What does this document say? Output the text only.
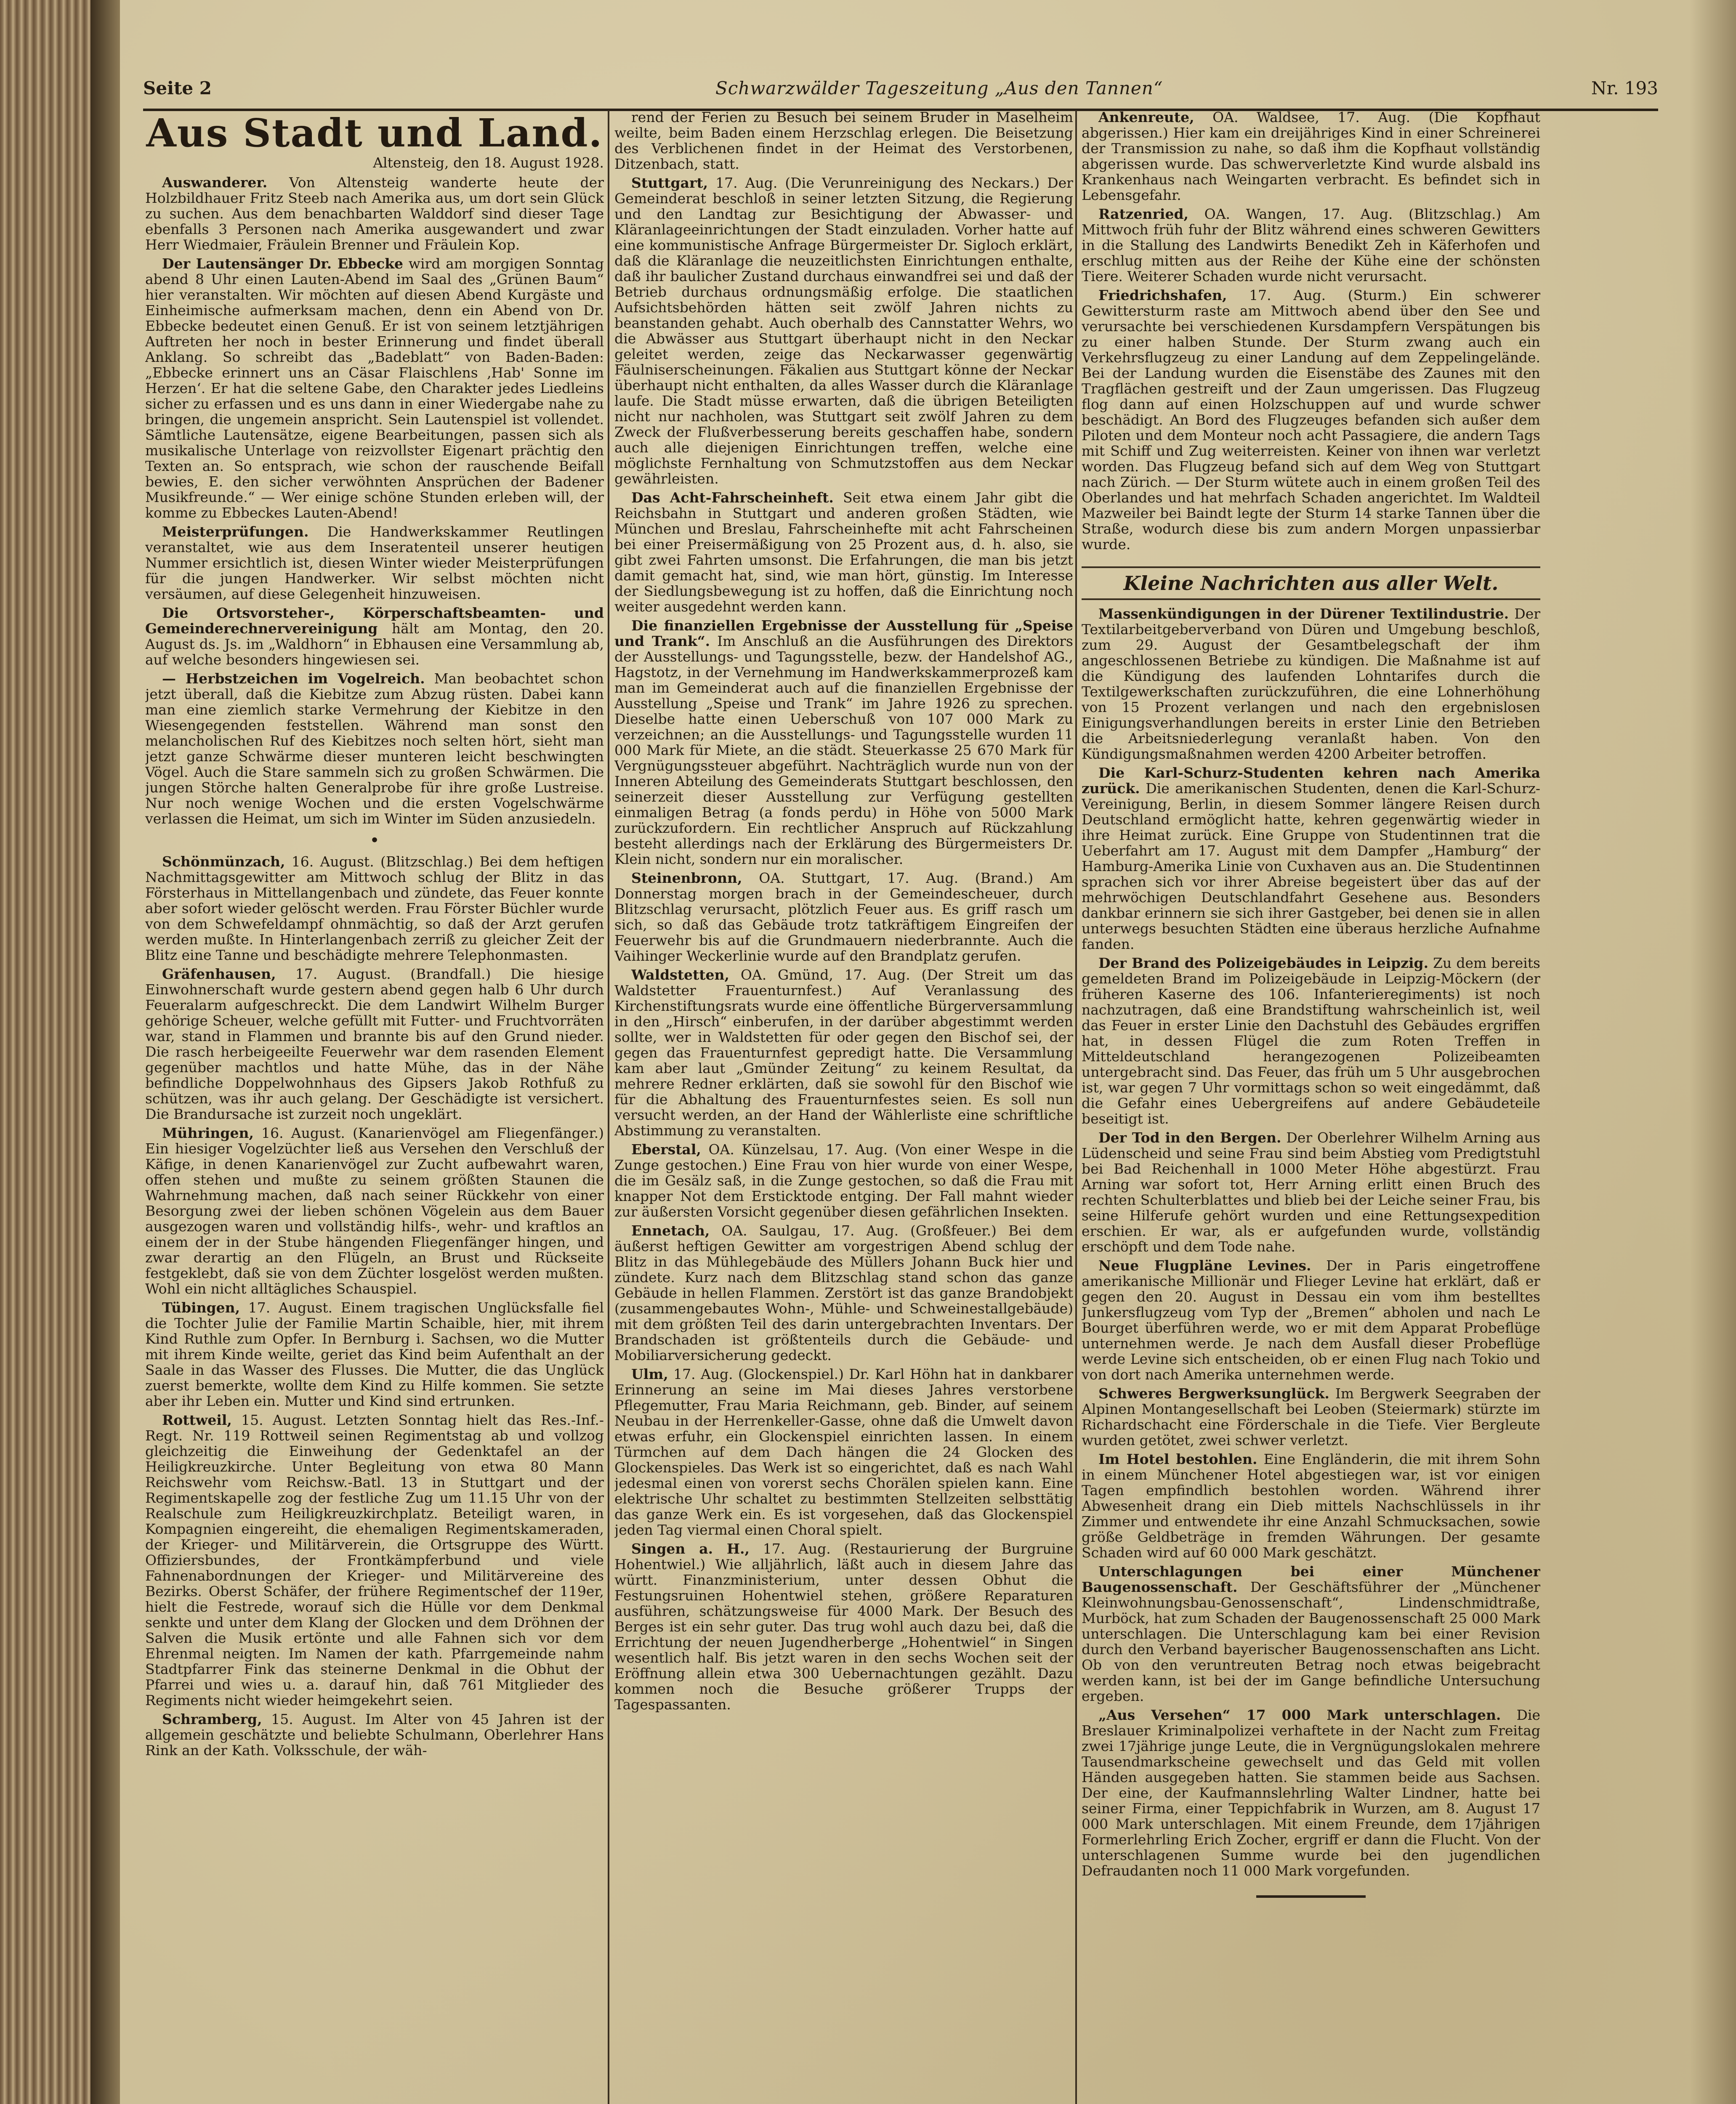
Seite 2	Schwarzwälder Tageszeitung „Aus den Tannen“	Nr. 193
Aus Stadt und Land.
Altensteig, den 18. August 1928.

Auswanderer. Von Altensteig wanderte heute der Holzbildhauer Fritz Steeb nach Amerika aus, um dort sein Glück zu suchen. Aus dem benachbarten Walddorf sind dieser Tage ebenfalls 3 Personen nach Amerika ausgewandert und zwar Herr Wiedmaier, Fräulein Brenner und Fräulein Kop.

Der Lautensänger Dr. Ebbecke wird am morgigen Sonntag abend 8 Uhr einen Lauten-Abend im Saal des „Grünen Baum“ hier veranstalten. Wir möchten auf diesen Abend Kurgäste und Einheimische aufmerksam machen, denn ein Abend von Dr. Ebbecke bedeutet einen Genuß. Er ist von seinem letztjährigen Auftreten her noch in bester Erinnerung und findet überall Anklang. So schreibt das „Badeblatt“ von Baden-Baden: „Ebbecke erinnert uns an Cäsar Flaischlens ‚Hab' Sonne im Herzen‘. Er hat die seltene Gabe, den Charakter jedes Liedleins sicher zu erfassen und es uns dann in einer Wiedergabe nahe zu bringen, die ungemein anspricht. Sein Lautenspiel ist vollendet. Sämtliche Lautensätze, eigene Bearbeitungen, passen sich als musikalische Unterlage von reizvollster Eigenart prächtig den Texten an. So entsprach, wie schon der rauschende Beifall bewies, E. den sicher verwöhnten Ansprüchen der Badener Musikfreunde.“ — Wer einige schöne Stunden erleben will, der komme zu Ebbeckes Lauten-Abend!

Meisterprüfungen. Die Handwerkskammer Reutlingen veranstaltet, wie aus dem Inseratenteil unserer heutigen Nummer ersichtlich ist, diesen Winter wieder Meisterprüfungen für die jungen Handwerker. Wir selbst möchten nicht versäumen, auf diese Gelegenheit hinzuweisen.

Die Ortsvorsteher-, Körperschaftsbeamten- und Gemeinderechnervereinigung hält am Montag, den 20. August ds. Js. im „Waldhorn“ in Ebhausen eine Versammlung ab, auf welche besonders hingewiesen sei.

— Herbstzeichen im Vogelreich. Man beobachtet schon jetzt überall, daß die Kiebitze zum Abzug rüsten. Dabei kann man eine ziemlich starke Vermehrung der Kiebitze in den Wiesengegenden feststellen. Während man sonst den melancholischen Ruf des Kiebitzes noch selten hört, sieht man jetzt ganze Schwärme dieser munteren leicht beschwingten Vögel. Auch die Stare sammeln sich zu großen Schwärmen. Die jungen Störche halten Generalprobe für ihre große Lustreise. Nur noch wenige Wochen und die ersten Vogelschwärme verlassen die Heimat, um sich im Winter im Süden anzusiedeln.

•

Schönmünzach, 16. August. (Blitzschlag.) Bei dem heftigen Nachmittagsgewitter am Mittwoch schlug der Blitz in das Försterhaus in Mittellangenbach und zündete, das Feuer konnte aber sofort wieder gelöscht werden. Frau Förster Büchler wurde von dem Schwefeldampf ohnmächtig, so daß der Arzt gerufen werden mußte. In Hinterlangenbach zerriß zu gleicher Zeit der Blitz eine Tanne und beschädigte mehrere Telephonmasten.

Gräfenhausen, 17. August. (Brandfall.) Die hiesige Einwohnerschaft wurde gestern abend gegen halb 6 Uhr durch Feueralarm aufgeschreckt. Die dem Landwirt Wilhelm Burger gehörige Scheuer, welche gefüllt mit Futter- und Fruchtvorräten war, stand in Flammen und brannte bis auf den Grund nieder. Die rasch herbeigeeilte Feuerwehr war dem rasenden Element gegenüber machtlos und hatte Mühe, das in der Nähe befindliche Doppelwohnhaus des Gipsers Jakob Rothfuß zu schützen, was ihr auch gelang. Der Geschädigte ist versichert. Die Brandursache ist zurzeit noch ungeklärt.

Mühringen, 16. August. (Kanarienvögel am Fliegenfänger.) Ein hiesiger Vogelzüchter ließ aus Versehen den Verschluß der Käfige, in denen Kanarienvögel zur Zucht aufbewahrt waren, offen stehen und mußte zu seinem größten Staunen die Wahrnehmung machen, daß nach seiner Rückkehr von einer Besorgung zwei der lieben schönen Vögelein aus dem Bauer ausgezogen waren und vollständig hilfs-, wehr- und kraftlos an einem der in der Stube hängenden Fliegenfänger hingen, und zwar derartig an den Flügeln, an Brust und Rückseite festgeklebt, daß sie von dem Züchter losgelöst werden mußten. Wohl ein nicht alltägliches Schauspiel.

Tübingen, 17. August. Einem tragischen Unglücksfalle fiel die Tochter Julie der Familie Martin Schaible, hier, mit ihrem Kind Ruthle zum Opfer. In Bernburg i. Sachsen, wo die Mutter mit ihrem Kinde weilte, geriet das Kind beim Aufenthalt an der Saale in das Wasser des Flusses. Die Mutter, die das Unglück zuerst bemerkte, wollte dem Kind zu Hilfe kommen. Sie setzte aber ihr Leben ein. Mutter und Kind sind ertrunken.

Rottweil, 15. August. Letzten Sonntag hielt das Res.-Inf.-Regt. Nr. 119 Rottweil seinen Regimentstag ab und vollzog gleichzeitig die Einweihung der Gedenktafel an der Heiligkreuzkirche. Unter Begleitung von etwa 80 Mann Reichswehr vom Reichsw.-Batl. 13 in Stuttgart und der Regimentskapelle zog der festliche Zug um 11.15 Uhr von der Realschule zum Heiligkreuzkirchplatz. Beteiligt waren, in Kompagnien eingereiht, die ehemaligen Regimentskameraden, der Krieger- und Militärverein, die Ortsgruppe des Württ. Offiziersbundes, der Frontkämpferbund und viele Fahnenabordnungen der Krieger- und Militärvereine des Bezirks. Oberst Schäfer, der frühere Regimentschef der 119er, hielt die Festrede, worauf sich die Hülle vor dem Denkmal senkte und unter dem Klang der Glocken und dem Dröhnen der Salven die Musik ertönte und alle Fahnen sich vor dem Ehrenmal neigten. Im Namen der kath. Pfarrgemeinde nahm Stadtpfarrer Fink das steinerne Denkmal in die Obhut der Pfarrei und wies u. a. darauf hin, daß 761 Mitglieder des Regiments nicht wieder heimgekehrt seien.

Schramberg, 15. August. Im Alter von 45 Jahren ist der allgemein geschätzte und beliebte Schulmann, Oberlehrer Hans Rink an der Kath. Volksschule, der wäh-

rend der Ferien zu Besuch bei seinem Bruder in Maselheim weilte, beim Baden einem Herzschlag erlegen. Die Beisetzung des Verblichenen findet in der Heimat des Verstorbenen, Ditzenbach, statt.

Stuttgart, 17. Aug. (Die Verunreinigung des Neckars.) Der Gemeinderat beschloß in seiner letzten Sitzung, die Regierung und den Landtag zur Besichtigung der Abwasser- und Kläranlageeinrichtungen der Stadt einzuladen. Vorher hatte auf eine kommunistische Anfrage Bürgermeister Dr. Sigloch erklärt, daß die Kläranlage die neuzeitlichsten Einrichtungen enthalte, daß ihr baulicher Zustand durchaus einwandfrei sei und daß der Betrieb durchaus ordnungsmäßig erfolge. Die staatlichen Aufsichtsbehörden hätten seit zwölf Jahren nichts zu beanstanden gehabt. Auch oberhalb des Cannstatter Wehrs, wo die Abwässer aus Stuttgart überhaupt nicht in den Neckar geleitet werden, zeige das Neckarwasser gegenwärtig Fäulniserscheinungen. Fäkalien aus Stuttgart könne der Neckar überhaupt nicht enthalten, da alles Wasser durch die Kläranlage laufe. Die Stadt müsse erwarten, daß die übrigen Beteiligten nicht nur nachholen, was Stuttgart seit zwölf Jahren zu dem Zweck der Flußverbesserung bereits geschaffen habe, sondern auch alle diejenigen Einrichtungen treffen, welche eine möglichste Fernhaltung von Schmutzstoffen aus dem Neckar gewährleisten.

Das Acht-Fahrscheinheft. Seit etwa einem Jahr gibt die Reichsbahn in Stuttgart und anderen großen Städten, wie München und Breslau, Fahrscheinhefte mit acht Fahrscheinen bei einer Preisermäßigung von 25 Prozent aus, d. h. also, sie gibt zwei Fahrten umsonst. Die Erfahrungen, die man bis jetzt damit gemacht hat, sind, wie man hört, günstig. Im Interesse der Siedlungsbewegung ist zu hoffen, daß die Einrichtung noch weiter ausgedehnt werden kann.

Die finanziellen Ergebnisse der Ausstellung für „Speise und Trank“. Im Anschluß an die Ausführungen des Direktors der Ausstellungs- und Tagungsstelle, bezw. der Handelshof AG., Hagstotz, in der Vernehmung im Handwerkskammerprozeß kam man im Gemeinderat auch auf die finanziellen Ergebnisse der Ausstellung „Speise und Trank“ im Jahre 1926 zu sprechen. Dieselbe hatte einen Ueberschuß von 107 000 Mark zu verzeichnen; an die Ausstellungs- und Tagungsstelle wurden 11 000 Mark für Miete, an die städt. Steuerkasse 25 670 Mark für Vergnügungssteuer abgeführt. Nachträglich wurde nun von der Inneren Abteilung des Gemeinderats Stuttgart beschlossen, den seinerzeit dieser Ausstellung zur Verfügung gestellten einmaligen Betrag (a fonds perdu) in Höhe von 5000 Mark zurückzufordern. Ein rechtlicher Anspruch auf Rückzahlung besteht allerdings nach der Erklärung des Bürgermeisters Dr. Klein nicht, sondern nur ein moralischer.

Steinenbronn, OA. Stuttgart, 17. Aug. (Brand.) Am Donnerstag morgen brach in der Gemeindescheuer, durch Blitzschlag verursacht, plötzlich Feuer aus. Es griff rasch um sich, so daß das Gebäude trotz tatkräftigem Eingreifen der Feuerwehr bis auf die Grundmauern niederbrannte. Auch die Vaihinger Weckerlinie wurde auf den Brandplatz gerufen.

Waldstetten, OA. Gmünd, 17. Aug. (Der Streit um das Waldstetter Frauenturnfest.) Auf Veranlassung des Kirchenstiftungsrats wurde eine öffentliche Bürgerversammlung in den „Hirsch“ einberufen, in der darüber abgestimmt werden sollte, wer in Waldstetten für oder gegen den Bischof sei, der gegen das Frauenturnfest gepredigt hatte. Die Versammlung kam aber laut „Gmünder Zeitung“ zu keinem Resultat, da mehrere Redner erklärten, daß sie sowohl für den Bischof wie für die Abhaltung des Frauenturnfestes seien. Es soll nun versucht werden, an der Hand der Wählerliste eine schriftliche Abstimmung zu veranstalten.

Eberstal, OA. Künzelsau, 17. Aug. (Von einer Wespe in die Zunge gestochen.) Eine Frau von hier wurde von einer Wespe, die im Gesälz saß, in die Zunge gestochen, so daß die Frau mit knapper Not dem Ersticktode entging. Der Fall mahnt wieder zur äußersten Vorsicht gegenüber diesen gefährlichen Insekten.

Ennetach, OA. Saulgau, 17. Aug. (Großfeuer.) Bei dem äußerst heftigen Gewitter am vorgestrigen Abend schlug der Blitz in das Mühlegebäude des Müllers Johann Buck hier und zündete. Kurz nach dem Blitzschlag stand schon das ganze Gebäude in hellen Flammen. Zerstört ist das ganze Brandobjekt (zusammengebautes Wohn-, Mühle- und Schweinestallgebäude) mit dem größten Teil des darin untergebrachten Inventars. Der Brandschaden ist größtenteils durch die Gebäude- und Mobiliarversicherung gedeckt.

Ulm, 17. Aug. (Glockenspiel.) Dr. Karl Höhn hat in dankbarer Erinnerung an seine im Mai dieses Jahres verstorbene Pflegemutter, Frau Maria Reichmann, geb. Binder, auf seinem Neubau in der Herrenkeller-Gasse, ohne daß die Umwelt davon etwas erfuhr, ein Glockenspiel einrichten lassen. In einem Türmchen auf dem Dach hängen die 24 Glocken des Glockenspieles. Das Werk ist so eingerichtet, daß es nach Wahl jedesmal einen von vorerst sechs Chorälen spielen kann. Eine elektrische Uhr schaltet zu bestimmten Stellzeiten selbsttätig das ganze Werk ein. Es ist vorgesehen, daß das Glockenspiel jeden Tag viermal einen Choral spielt.

Singen a. H., 17. Aug. (Restaurierung der Burgruine Hohentwiel.) Wie alljährlich, läßt auch in diesem Jahre das württ. Finanzministerium, unter dessen Obhut die Festungsruinen Hohentwiel stehen, größere Reparaturen ausführen, schätzungsweise für 4000 Mark. Der Besuch des Berges ist ein sehr guter. Das trug wohl auch dazu bei, daß die Errichtung der neuen Jugendherberge „Hohentwiel“ in Singen wesentlich half. Bis jetzt waren in den sechs Wochen seit der Eröffnung allein etwa 300 Uebernachtungen gezählt. Dazu kommen noch die Besuche größerer Trupps der Tagespassanten.

Ankenreute, OA. Waldsee, 17. Aug. (Die Kopfhaut abgerissen.) Hier kam ein dreijähriges Kind in einer Schreinerei der Transmission zu nahe, so daß ihm die Kopfhaut vollständig abgerissen wurde. Das schwerverletzte Kind wurde alsbald ins Krankenhaus nach Weingarten verbracht. Es befindet sich in Lebensgefahr.

Ratzenried, OA. Wangen, 17. Aug. (Blitzschlag.) Am Mittwoch früh fuhr der Blitz während eines schweren Gewitters in die Stallung des Landwirts Benedikt Zeh in Käferhofen und erschlug mitten aus der Reihe der Kühe eine der schönsten Tiere. Weiterer Schaden wurde nicht verursacht.

Friedrichshafen, 17. Aug. (Sturm.) Ein schwerer Gewittersturm raste am Mittwoch abend über den See und verursachte bei verschiedenen Kursdampfern Verspätungen bis zu einer halben Stunde. Der Sturm zwang auch ein Verkehrsflugzeug zu einer Landung auf dem Zeppelingelände. Bei der Landung wurden die Eisenstäbe des Zaunes mit den Tragflächen gestreift und der Zaun umgerissen. Das Flugzeug flog dann auf einen Holzschuppen auf und wurde schwer beschädigt. An Bord des Flugzeuges befanden sich außer dem Piloten und dem Monteur noch acht Passagiere, die andern Tags mit Schiff und Zug weiterreisten. Keiner von ihnen war verletzt worden. Das Flugzeug befand sich auf dem Weg von Stuttgart nach Zürich. — Der Sturm wütete auch in einem großen Teil des Oberlandes und hat mehrfach Schaden angerichtet. Im Waldteil Mazweiler bei Baindt legte der Sturm 14 starke Tannen über die Straße, wodurch diese bis zum andern Morgen unpassierbar wurde.

Kleine Nachrichten aus aller Welt.

Massenkündigungen in der Dürener Textilindustrie. Der Textilarbeitgeberverband von Düren und Umgebung beschloß, zum 29. August der Gesamtbelegschaft der ihm angeschlossenen Betriebe zu kündigen. Die Maßnahme ist auf die Kündigung des laufenden Lohntarifes durch die Textilgewerkschaften zurückzuführen, die eine Lohnerhöhung von 15 Prozent verlangen und nach den ergebnislosen Einigungsverhandlungen bereits in erster Linie den Betrieben die Arbeitsniederlegung veranlaßt haben. Von den Kündigungsmaßnahmen werden 4200 Arbeiter betroffen.

Die Karl-Schurz-Studenten kehren nach Amerika zurück. Die amerikanischen Studenten, denen die Karl-Schurz-Vereinigung, Berlin, in diesem Sommer längere Reisen durch Deutschland ermöglicht hatte, kehren gegenwärtig wieder in ihre Heimat zurück. Eine Gruppe von Studentinnen trat die Ueberfahrt am 17. August mit dem Dampfer „Hamburg“ der Hamburg-Amerika Linie von Cuxhaven aus an. Die Studentinnen sprachen sich vor ihrer Abreise begeistert über das auf der mehrwöchigen Deutschlandfahrt Gesehene aus. Besonders dankbar erinnern sie sich ihrer Gastgeber, bei denen sie in allen unterwegs besuchten Städten eine überaus herzliche Aufnahme fanden.

Der Brand des Polizeigebäudes in Leipzig. Zu dem bereits gemeldeten Brand im Polizeigebäude in Leipzig-Möckern (der früheren Kaserne des 106. Infanterieregiments) ist noch nachzutragen, daß eine Brandstiftung wahrscheinlich ist, weil das Feuer in erster Linie den Dachstuhl des Gebäudes ergriffen hat, in dessen Flügel die zum Roten Treffen in Mitteldeutschland herangezogenen Polizeibeamten untergebracht sind. Das Feuer, das früh um 5 Uhr ausgebrochen ist, war gegen 7 Uhr vormittags schon so weit eingedämmt, daß die Gefahr eines Uebergreifens auf andere Gebäudeteile beseitigt ist.

Der Tod in den Bergen. Der Oberlehrer Wilhelm Arning aus Lüdenscheid und seine Frau sind beim Abstieg vom Predigtstuhl bei Bad Reichenhall in 1000 Meter Höhe abgestürzt. Frau Arning war sofort tot, Herr Arning erlitt einen Bruch des rechten Schulterblattes und blieb bei der Leiche seiner Frau, bis seine Hilferufe gehört wurden und eine Rettungsexpedition erschien. Er war, als er aufgefunden wurde, vollständig erschöpft und dem Tode nahe.

Neue Flugpläne Levines. Der in Paris eingetroffene amerikanische Millionär und Flieger Levine hat erklärt, daß er gegen den 20. August in Dessau ein vom ihm bestelltes Junkersflugzeug vom Typ der „Bremen“ abholen und nach Le Bourget überführen werde, wo er mit dem Apparat Probeflüge unternehmen werde. Je nach dem Ausfall dieser Probeflüge werde Levine sich entscheiden, ob er einen Flug nach Tokio und von dort nach Amerika unternehmen werde.

Schweres Bergwerksunglück. Im Bergwerk Seegraben der Alpinen Montangesellschaft bei Leoben (Steiermark) stürzte im Richardschacht eine Förderschale in die Tiefe. Vier Bergleute wurden getötet, zwei schwer verletzt.

Im Hotel bestohlen. Eine Engländerin, die mit ihrem Sohn in einem Münchener Hotel abgestiegen war, ist vor einigen Tagen empfindlich bestohlen worden. Während ihrer Abwesenheit drang ein Dieb mittels Nachschlüssels in ihr Zimmer und entwendete ihr eine Anzahl Schmucksachen, sowie größe Geldbeträge in fremden Währungen. Der gesamte Schaden wird auf 60 000 Mark geschätzt.

Unterschlagungen bei einer Münchener Baugenossenschaft. Der Geschäftsführer der „Münchener Kleinwohnungsbau-Genossenschaft“, Lindenschmidtraße, Murböck, hat zum Schaden der Baugenossenschaft 25 000 Mark unterschlagen. Die Unterschlagung kam bei einer Revision durch den Verband bayerischer Baugenossenschaften ans Licht. Ob von den veruntreuten Betrag noch etwas beigebracht werden kann, ist bei der im Gange befindliche Untersuchung ergeben.

„Aus Versehen“ 17 000 Mark unterschlagen. Die Breslauer Kriminalpolizei verhaftete in der Nacht zum Freitag zwei 17jährige junge Leute, die in Vergnügungslokalen mehrere Tausendmarkscheine gewechselt und das Geld mit vollen Händen ausgegeben hatten. Sie stammen beide aus Sachsen. Der eine, der Kaufmannslehrling Walter Lindner, hatte bei seiner Firma, einer Teppichfabrik in Wurzen, am 8. August 17 000 Mark unterschlagen. Mit einem Freunde, dem 17jährigen Formerlehrling Erich Zocher, ergriff er dann die Flucht. Von der unterschlagenen Summe wurde bei den jugendlichen Defraudanten noch 11 000 Mark vorgefunden.
